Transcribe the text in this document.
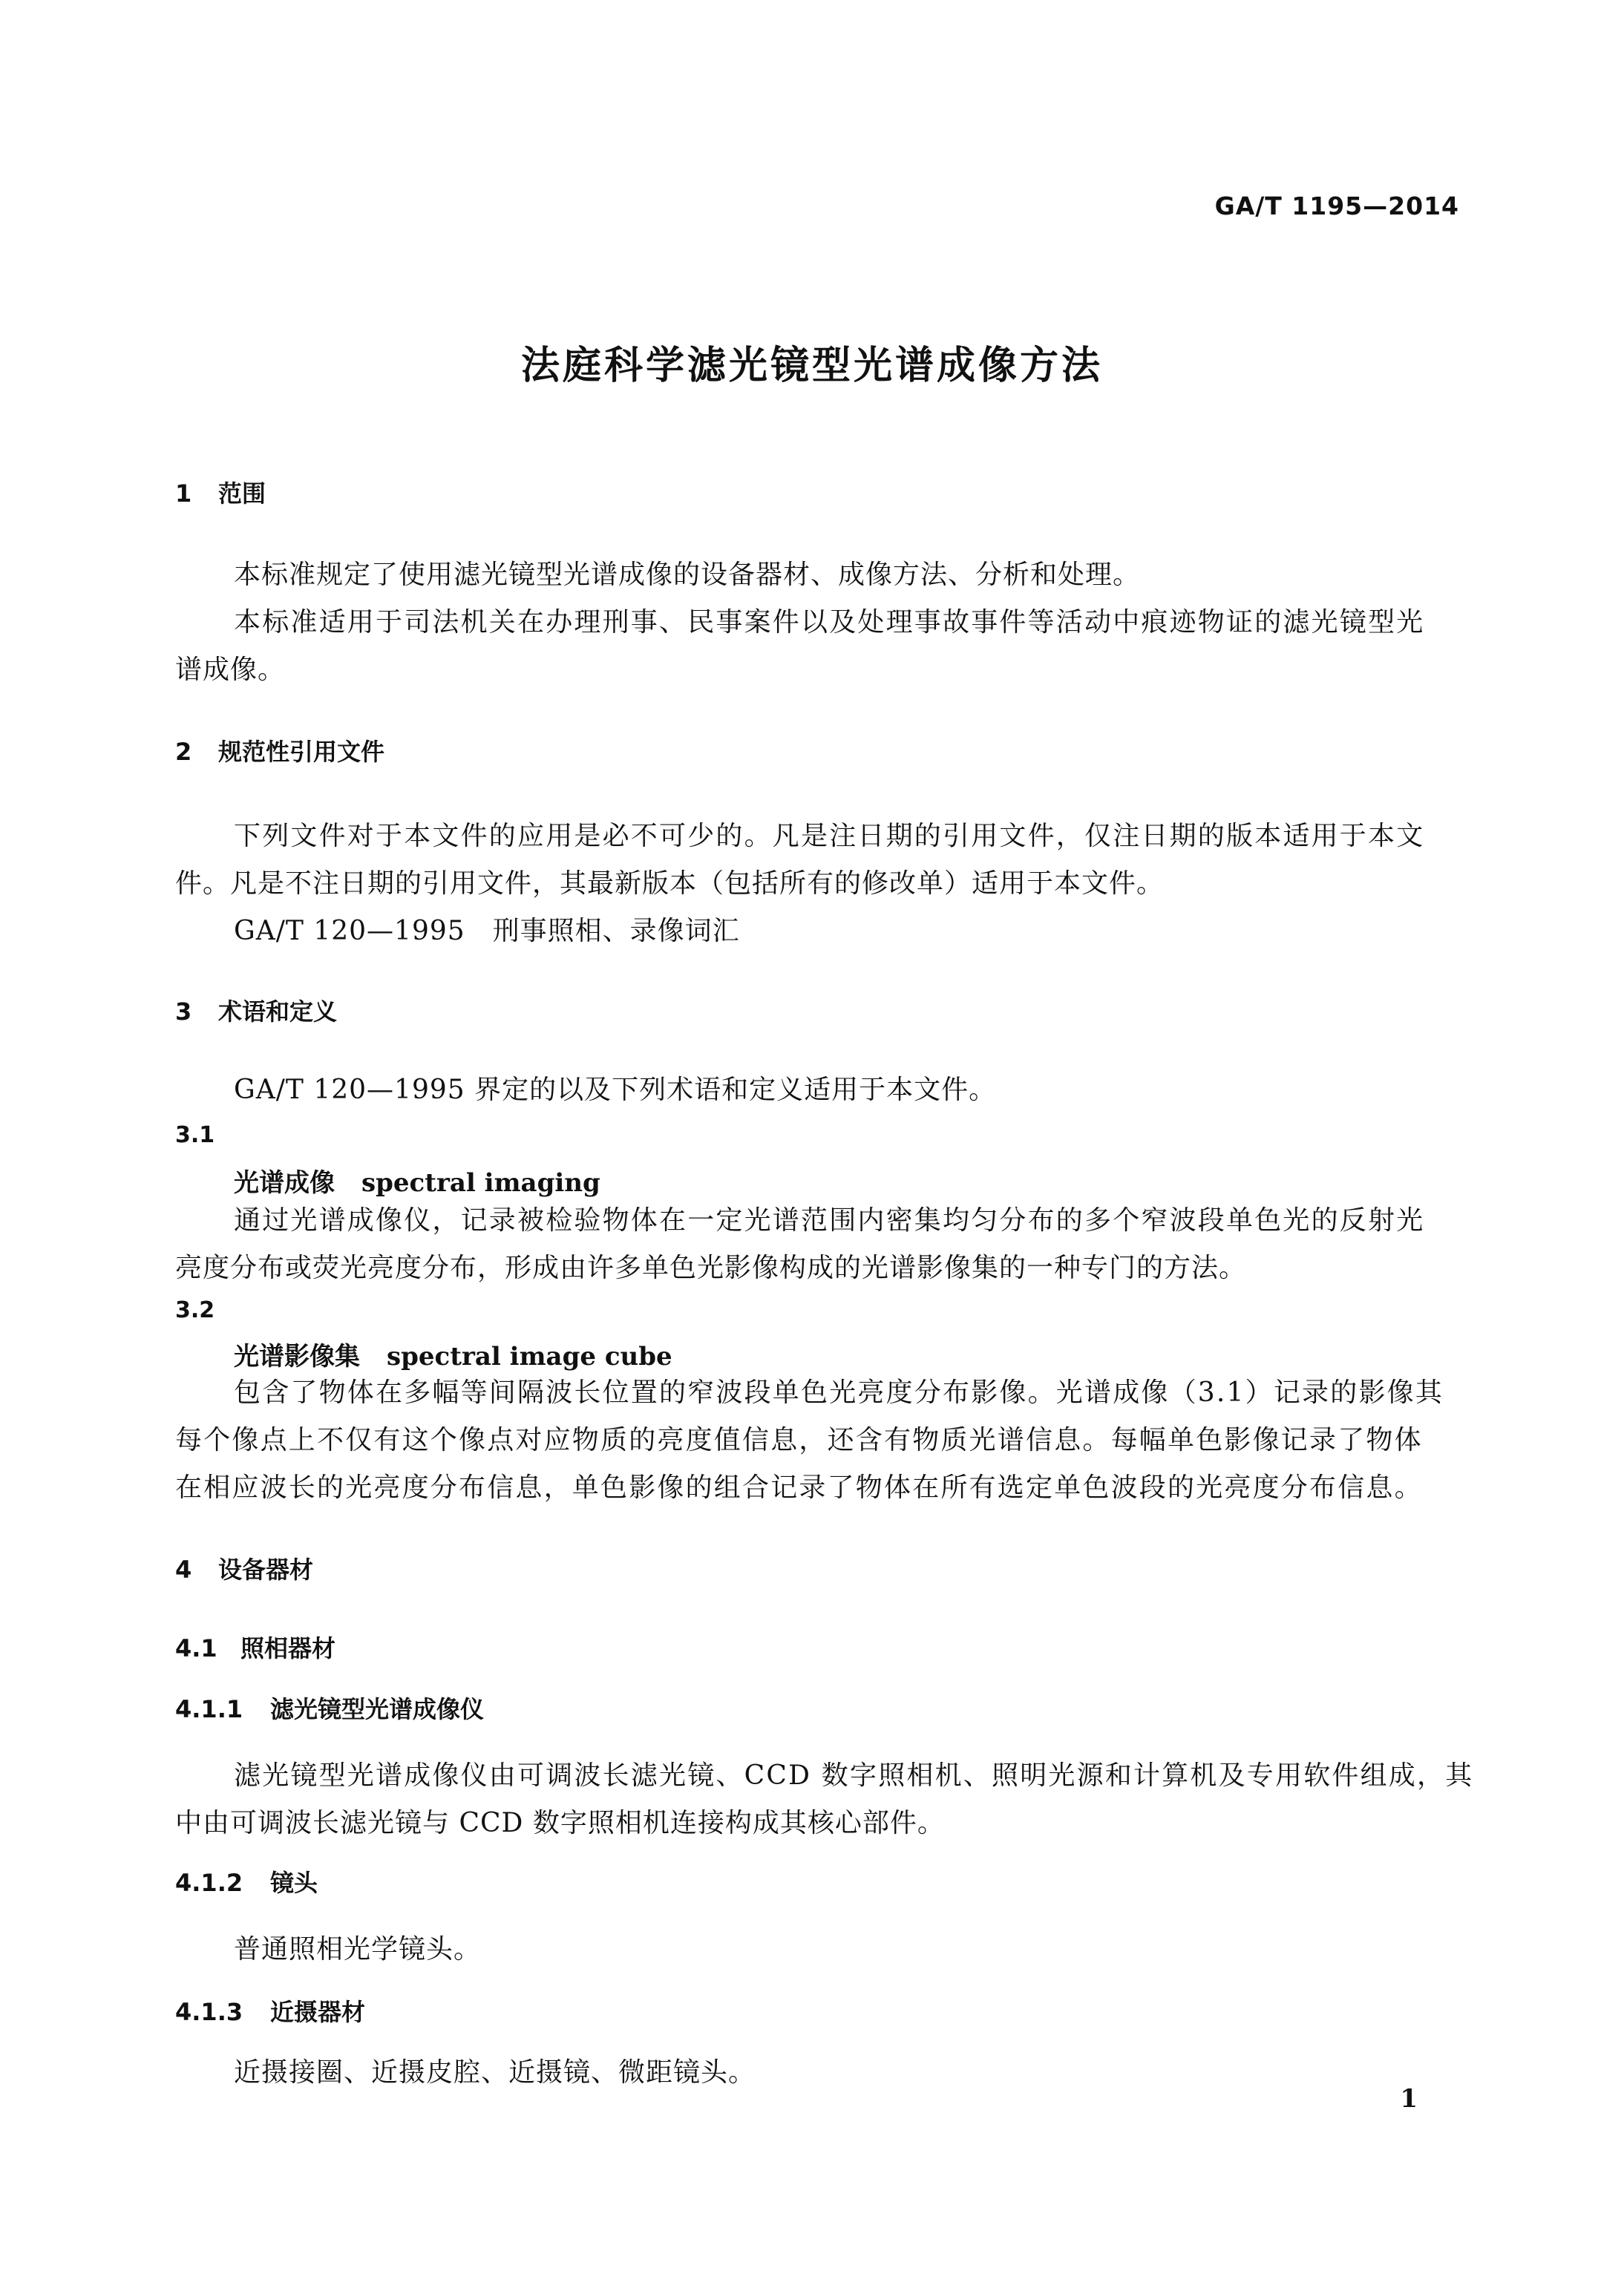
GA/T 1195—2014
法庭科学滤光镜型光谱成像方法
1 范围
本标准规定了使用滤光镜型光谱成像的设备器材、成像方法、分析和处理。
本标准适用于司法机关在办理刑事、民事案件以及处理事故事件等活动中痕迹物证的滤光镜型光
谱成像。
2 规范性引用文件
下列文件对于本文件的应用是必不可少的。凡是注日期的引用文件，仅注日期的版本适用于本文
件。凡是不注日期的引用文件，其最新版本（包括所有的修改单）适用于本文件。
GA/T 120—1995　刑事照相、录像词汇
3 术语和定义
GA/T 120—1995 界定的以及下列术语和定义适用于本文件。
3.1
光谱成像 spectral imaging
通过光谱成像仪，记录被检验物体在一定光谱范围内密集均匀分布的多个窄波段单色光的反射光
亮度分布或荧光亮度分布，形成由许多单色光影像构成的光谱影像集的一种专门的方法。
3.2
光谱影像集 spectral image cube
包含了物体在多幅等间隔波长位置的窄波段单色光亮度分布影像。光谱成像（3.1）记录的影像其
每个像点上不仅有这个像点对应物质的亮度值信息，还含有物质光谱信息。每幅单色影像记录了物体
在相应波长的光亮度分布信息，单色影像的组合记录了物体在所有选定单色波段的光亮度分布信息。
4 设备器材
4.1 照相器材
4.1.1 滤光镜型光谱成像仪
滤光镜型光谱成像仪由可调波长滤光镜、CCD 数字照相机、照明光源和计算机及专用软件组成，其
中由可调波长滤光镜与 CCD 数字照相机连接构成其核心部件。
4.1.2 镜头
普通照相光学镜头。
4.1.3 近摄器材
近摄接圈、近摄皮腔、近摄镜、微距镜头。
1
